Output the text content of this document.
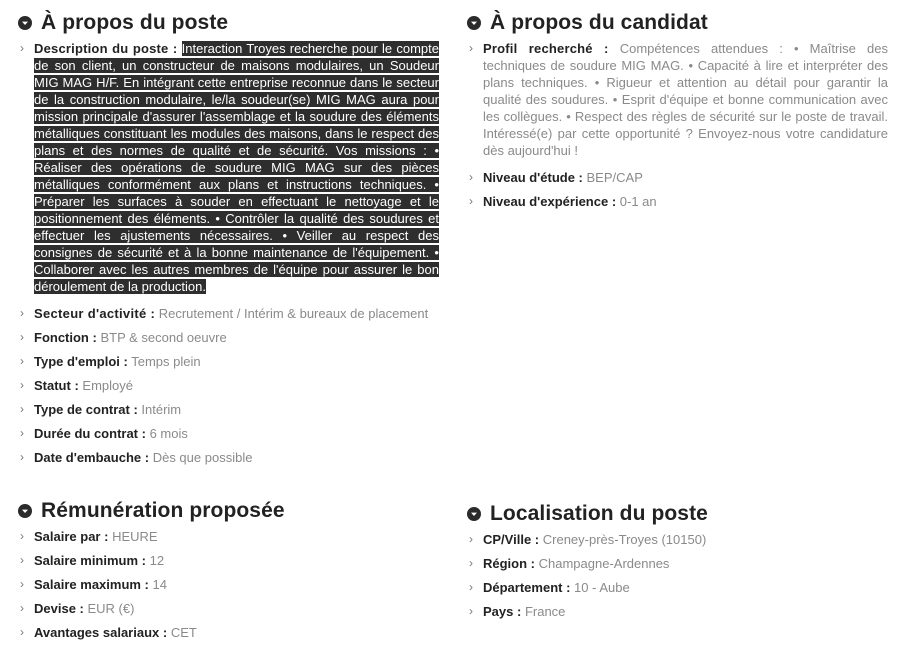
À propos du poste
› Description du poste : Interaction Troyes recherche pour le compte de son client, un constructeur de maisons modulaires, un Soudeur MIG MAG H/F. En intégrant cette entreprise reconnue dans le secteur de la construction modulaire, le/la soudeur(se) MIG MAG aura pour mission principale d'assurer l'assemblage et la soudure des éléments métalliques constituant les modules des maisons, dans le respect des plans et des normes de qualité et de sécurité. Vos missions : • Réaliser des opérations de soudure MIG MAG sur des pièces métalliques conformément aux plans et instructions techniques. • Préparer les surfaces à souder en effectuant le nettoyage et le positionnement des éléments. • Contrôler la qualité des soudures et effectuer les ajustements nécessaires. • Veiller au respect des consignes de sécurité et à la bonne maintenance de l'équipement. • Collaborer avec les autres membres de l'équipe pour assurer le bon déroulement de la production.
› Secteur d'activité : Recrutement / Intérim & bureaux de placement
› Fonction : BTP & second oeuvre
› Type d'emploi : Temps plein
› Statut : Employé
› Type de contrat : Intérim
› Durée du contrat : 6 mois
› Date d'embauche : Dès que possible
Rémunération proposée
› Salaire par : HEURE
› Salaire minimum : 12
› Salaire maximum : 14
› Devise : EUR (€)
› Avantages salariaux : CET
À propos du candidat
› Profil recherché : Compétences attendues : • Maîtrise des techniques de soudure MIG MAG. • Capacité à lire et interpréter des plans techniques. • Rigueur et attention au détail pour garantir la qualité des soudures. • Esprit d'équipe et bonne communication avec les collègues. • Respect des règles de sécurité sur le poste de travail. Intéressé(e) par cette opportunité ? Envoyez-nous votre candidature dès aujourd'hui !
› Niveau d'étude : BEP/CAP
› Niveau d'expérience : 0-1 an
Localisation du poste
› CP/Ville : Creney-près-Troyes (10150)
› Région : Champagne-Ardennes
› Département : 10 - Aube
› Pays : France
